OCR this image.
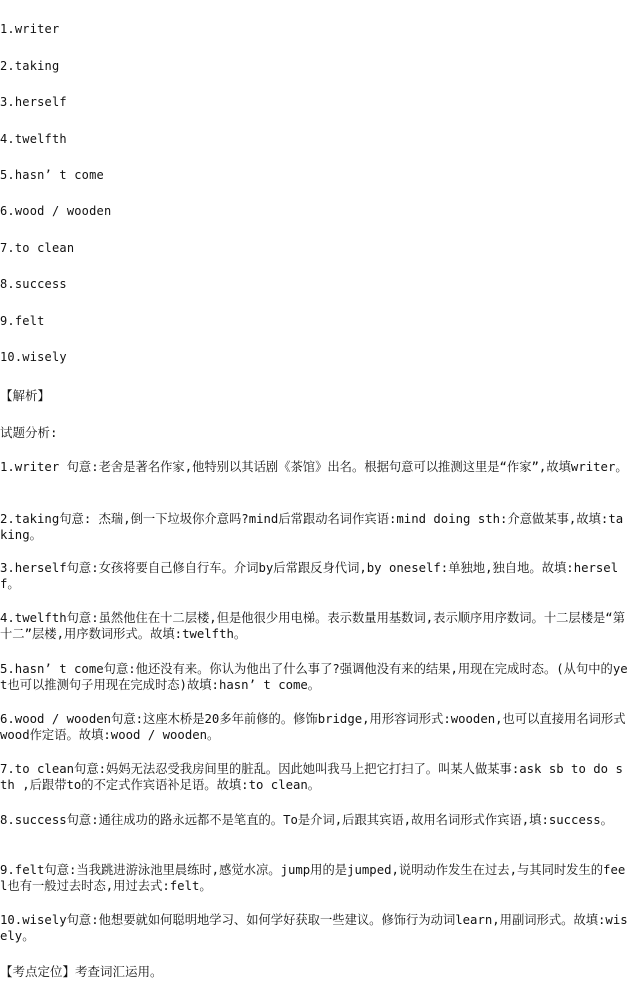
1.writer
2.taking
3.herself
4.twelfth
5.hasn’ t come
6.wood / wooden
7.to clean
8.success
9.felt
10.wisely
【解析】
试题分析:
1.writer 句意:老舍是著名作家,他特别以其话剧《茶馆》出名。根据句意可以推测这里是“作家”,故填writer。
2.taking句意: 杰瑞,倒一下垃圾你介意吗?mind后常跟动名词作宾语:mind doing sth:介意做某事,故填:taking。
3.herself句意:女孩将要自己修自行车。介词by后常跟反身代词,by oneself:单独地,独自地。故填:herself。
4.twelfth句意:虽然他住在十二层楼,但是他很少用电梯。表示数量用基数词,表示顺序用序数词。十二层楼是“第十二”层楼,用序数词形式。故填:twelfth。
5.hasn’ t come句意:他还没有来。你认为他出了什么事了?强调他没有来的结果,用现在完成时态。(从句中的yet也可以推测句子用现在完成时态)故填:hasn’ t come。
6.wood / wooden句意:这座木桥是20多年前修的。修饰bridge,用形容词形式:wooden,也可以直接用名词形式wood作定语。故填:wood / wooden。
7.to clean句意:妈妈无法忍受我房间里的脏乱。因此她叫我马上把它打扫了。叫某人做某事:ask sb to do sth ,后跟带to的不定式作宾语补足语。故填:to clean。
8.success句意:通往成功的路永远都不是笔直的。To是介词,后跟其宾语,故用名词形式作宾语,填:success。
9.felt句意:当我跳进游泳池里晨练时,感觉水凉。jump用的是jumped,说明动作发生在过去,与其同时发生的feel也有一般过去时态,用过去式:felt。
10.wisely句意:他想要就如何聪明地学习、如何学好获取一些建议。修饰行为动词learn,用副词形式。故填:wisely。
【考点定位】考查词汇运用。
